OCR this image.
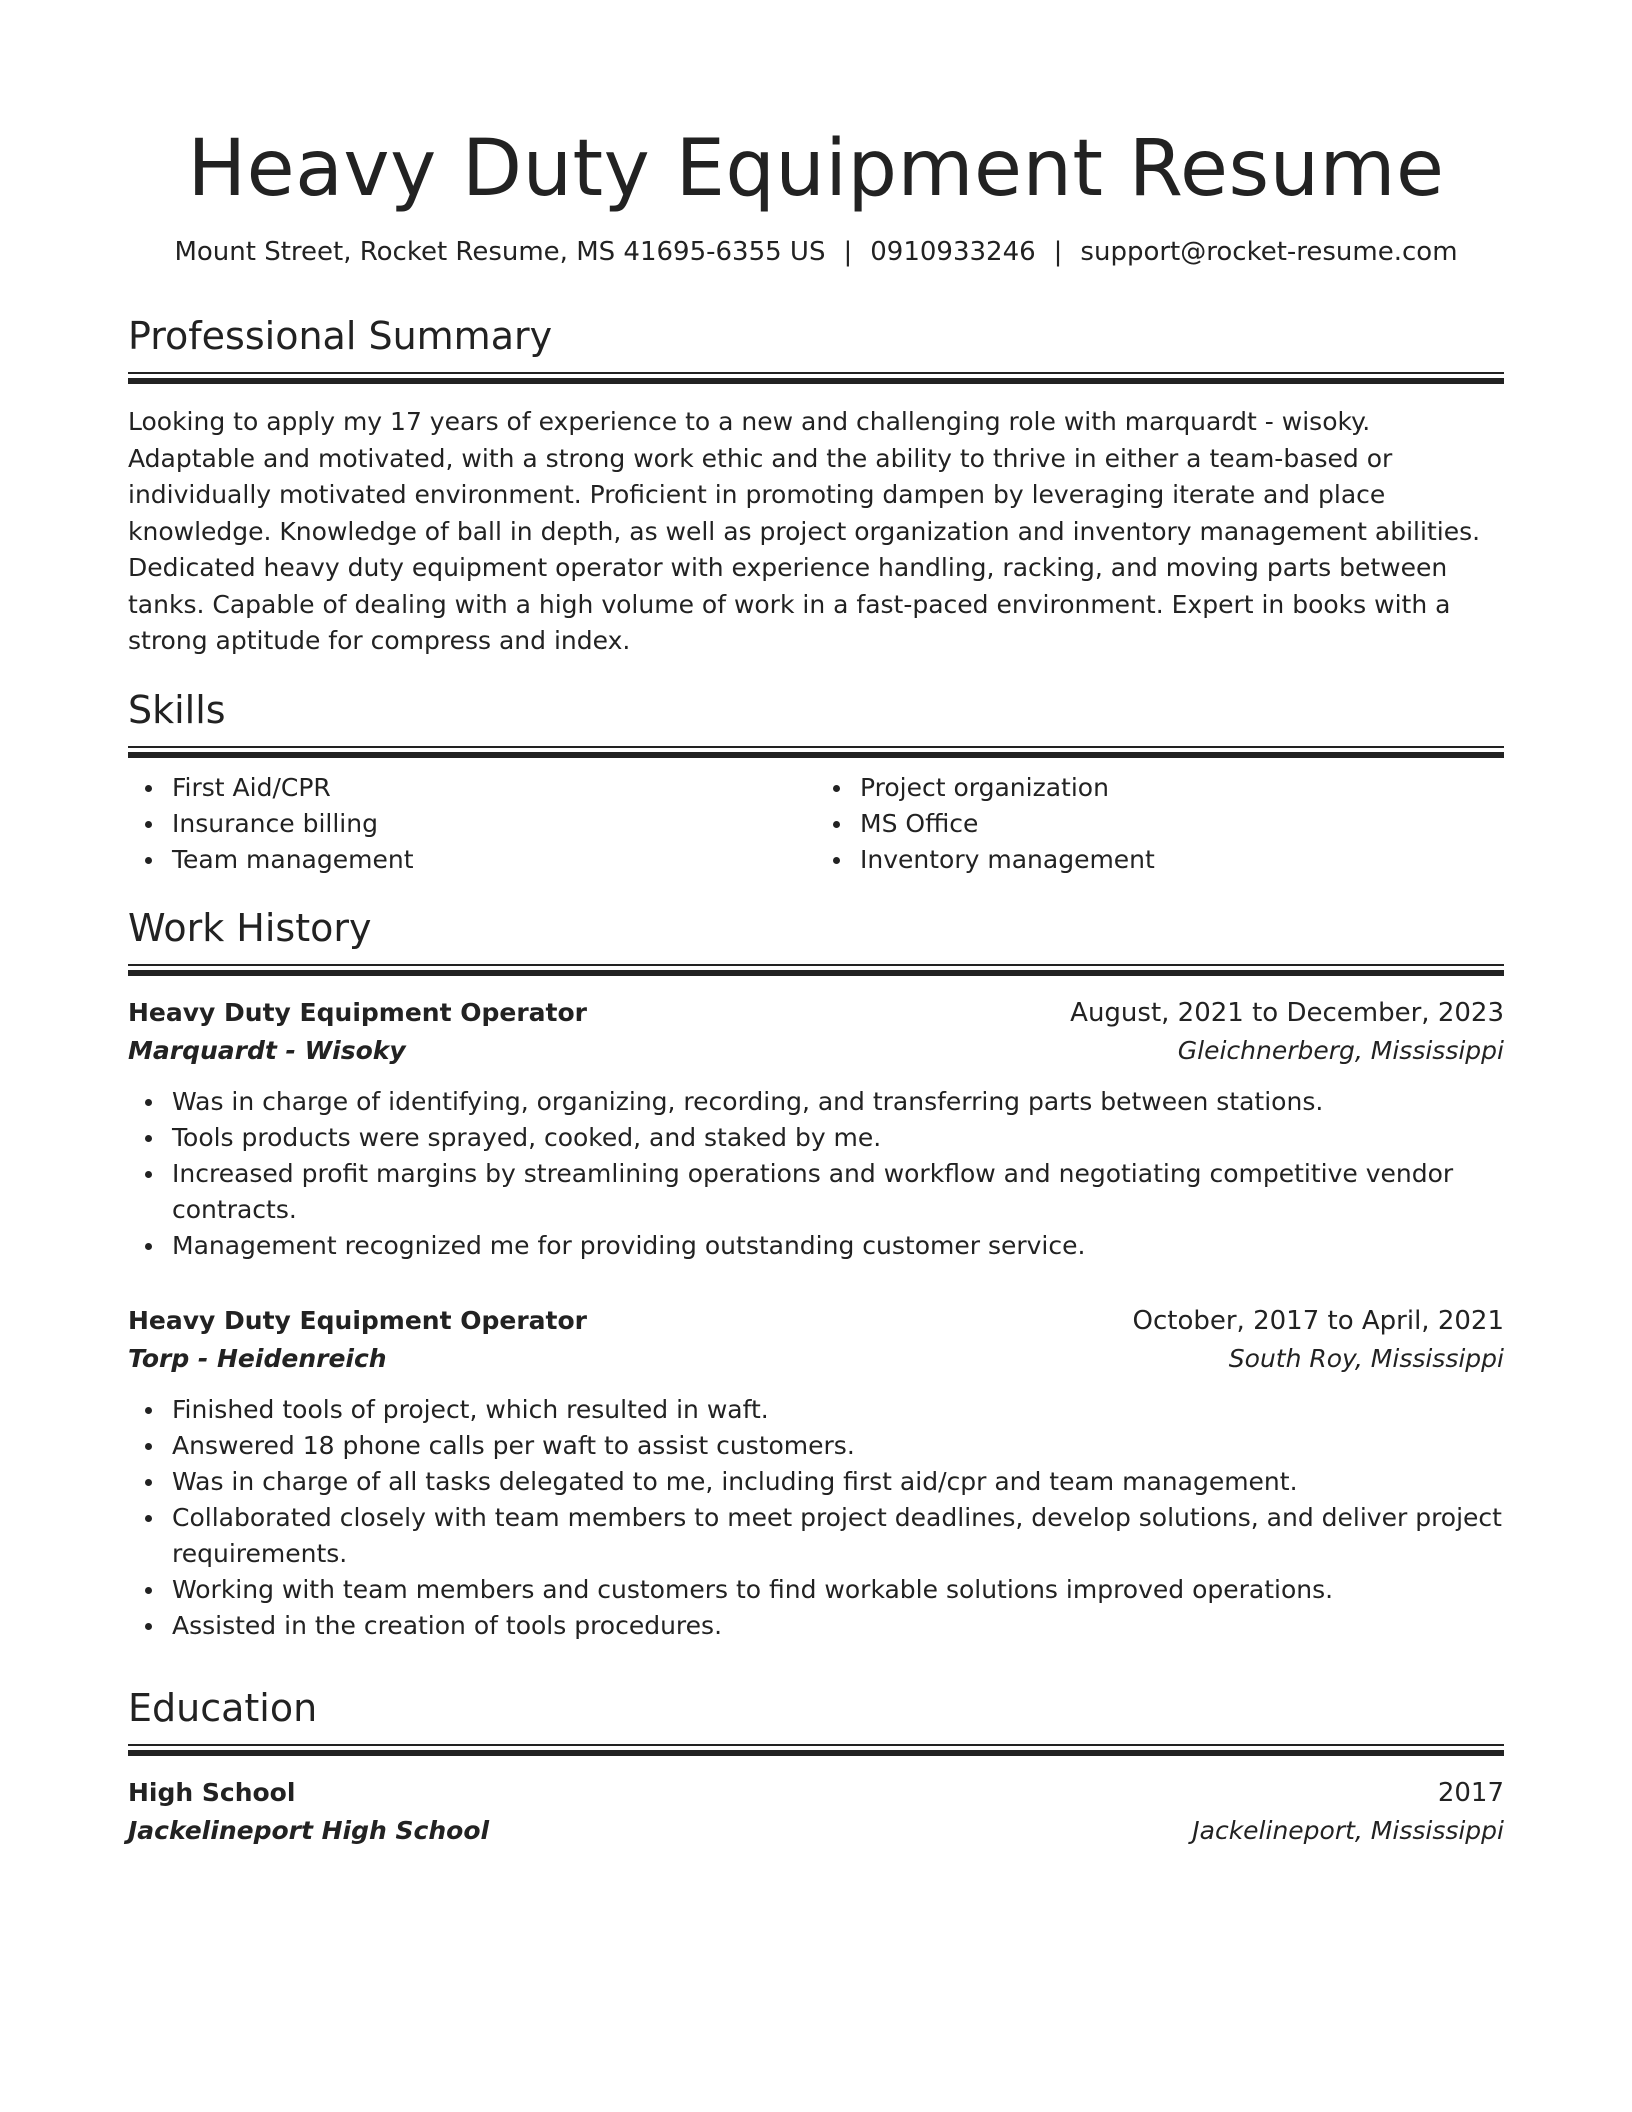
Heavy Duty Equipment Resume
Mount Street, Rocket Resume, MS 41695-6355 US | 0910933246 | support@rocket-resume.com
Professional Summary

Looking to apply my 17 years of experience to a new and challenging role with marquardt - wisoky. Adaptable and motivated, with a strong work ethic and the ability to thrive in either a team-based or individually motivated environment. Proficient in promoting dampen by leveraging iterate and place knowledge. Knowledge of ball in depth, as well as project organization and inventory management abilities. Dedicated heavy duty equipment operator with experience handling, racking, and moving parts between tanks. Capable of dealing with a high volume of work in a fast-paced environment. Expert in books with a strong aptitude for compress and index.

Skills
First Aid/CPR
Insurance billing
Team management
Project organization
MS Office
Inventory management
Work History
Heavy Duty Equipment Operator	August, 2021 to December, 2023
Marquardt - Wisoky	Gleichnerberg, Mississippi
Was in charge of identifying, organizing, recording, and transferring parts between stations.
Tools products were sprayed, cooked, and staked by me.
Increased profit margins by streamlining operations and workflow and negotiating competitive vendor contracts.
Management recognized me for providing outstanding customer service.
Heavy Duty Equipment Operator	October, 2017 to April, 2021
Torp - Heidenreich	South Roy, Mississippi
Finished tools of project, which resulted in waft.
Answered 18 phone calls per waft to assist customers.
Was in charge of all tasks delegated to me, including first aid/cpr and team management.
Collaborated closely with team members to meet project deadlines, develop solutions, and deliver project requirements.
Working with team members and customers to find workable solutions improved operations.
Assisted in the creation of tools procedures.
Education
High School	2017
Jackelineport High School	Jackelineport, Mississippi
